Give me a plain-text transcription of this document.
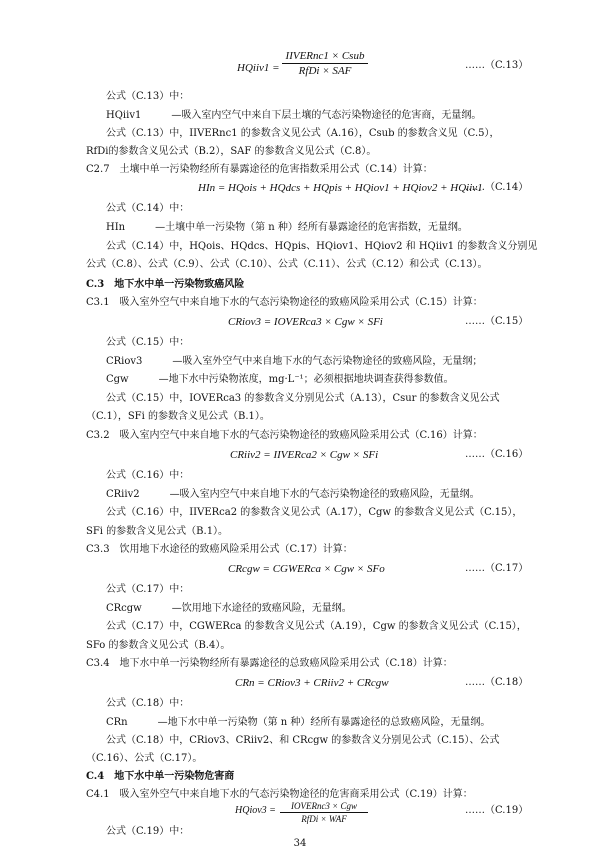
HQiiv1 =
IIVERnc1 × Csub
RfDi × SAF	……（C.13）
公式（C.13）中：
HQiiv1　　　—吸入室内空气中来自下层土壤的气态污染物途径的危害商，无量纲。
公式（C.13）中，IIVERnc1 的参数含义见公式（A.16），Csub 的参数含义见（C.5），
RfDi的参数含义见公式（B.2），SAF 的参数含义见公式（C.8）。
C2.7　土壤中单一污染物经所有暴露途径的危害指数采用公式（C.14）计算：
HIn = HQois + HQdcs + HQpis + HQiov1 + HQiov2 + HQiiv1
……（C.14）
公式（C.14）中：
HIn　　　—土壤中单一污染物（第 n 种）经所有暴露途径的危害指数，无量纲。
公式（C.14）中，HQois、HQdcs、HQpis、HQiov1、HQiov2 和 HQiiv1 的参数含义分别见
公式（C.8）、公式（C.9）、公式（C.10）、公式（C.11）、公式（C.12）和公式（C.13）。
C.3　地下水中单一污染物致癌风险
C3.1　吸入室外空气中来自地下水的气态污染物途径的致癌风险采用公式（C.15）计算：
CRiov3 = IOVERca3 × Cgw × SFi	……（C.15）
公式（C.15）中：
CRiov3　　　—吸入室外空气中来自地下水的气态污染物途径的致癌风险，无量纲；
Cgw　　　—地下水中污染物浓度，mg·L⁻¹；必须根据地块调查获得参数值。
公式（C.15）中，IOVERca3 的参数含义分别见公式（A.13），Csur 的参数含义见公式
（C.1），SFi 的参数含义见公式（B.1）。
C3.2　吸入室内空气中来自地下水的气态污染物途径的致癌风险采用公式（C.16）计算：
CRiiv2 = IIVERca2 × Cgw × SFi	……（C.16）
公式（C.16）中：
CRiiv2　　　—吸入室内空气中来自地下水的气态污染物途径的致癌风险，无量纲。
公式（C.16）中，IIVERca2 的参数含义见公式（A.17），Cgw 的参数含义见公式（C.15），
SFi 的参数含义见公式（B.1）。
C3.3　饮用地下水途径的致癌风险采用公式（C.17）计算：
CRcgw = CGWERca × Cgw × SFo	……（C.17）
公式（C.17）中：
CRcgw　　　—饮用地下水途径的致癌风险，无量纲。
公式（C.17）中，CGWERca 的参数含义见公式（A.19），Cgw 的参数含义见公式（C.15），
SFo 的参数含义见公式（B.4）。
C3.4　地下水中单一污染物经所有暴露途径的总致癌风险采用公式（C.18）计算：
CRn = CRiov3 + CRiiv2 + CRcgw	……（C.18）
公式（C.18）中：
CRn　　　—地下水中单一污染物（第 n 种）经所有暴露途径的总致癌风险，无量纲。
公式（C.18）中，CRiov3、CRiiv2、和 CRcgw 的参数含义分别见公式（C.15）、公式
（C.16）、公式（C.17）。
C.4　地下水中单一污染物危害商
C4.1　吸入室外空气中来自地下水的气态污染物途径的危害商采用公式（C.19）计算：
HQiov3 =	IOVERnc3 × Cgw
RfDi × WAF
……（C.19）
公式（C.19）中：
34
